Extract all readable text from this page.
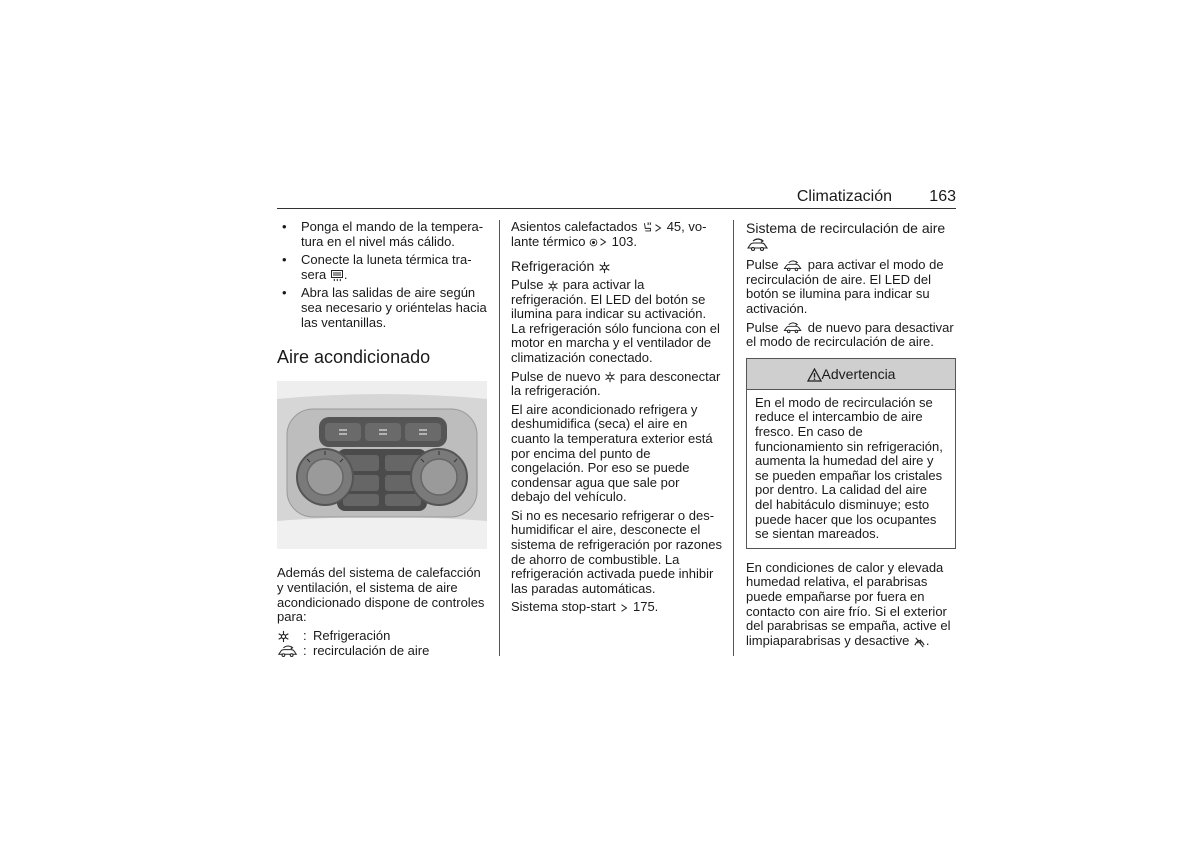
Climatización	163
• Ponga el mando de la temperatura en el nivel más cálido.
• Conecte la luneta térmica trasera .
• Abra las salidas de aire según sea necesario y oriéntelas hacia las ventanillas.
Aire acondicionado

Además del sistema de calefacción y ventilación, el sistema de aire acondicionado dispone de controles para:

: Refrigeración
: recirculación de aire

Asientos calefactados  45, volante térmico  103.

Refrigeración

Pulse  para activar la refrigeración. El LED del botón se ilumina para indicar su activación. La refrigeración sólo funciona con el motor en marcha y el ventilador de climatización conectado.

Pulse de nuevo  para desconectar la refrigeración.

El aire acondicionado refrigera y deshumidifica (seca) el aire en cuanto la temperatura exterior está por encima del punto de congelación. Por eso se puede condensar agua que sale por debajo del vehículo.

Si no es necesario refrigerar o deshumidificar el aire, desconecte el sistema de refrigeración por razones de ahorro de combustible. La refrigeración activada puede inhibir las paradas automáticas.

Sistema stop-start  175.

Sistema de recirculación de aire

Pulse  para activar el modo de recirculación de aire. El LED del botón se ilumina para indicar su activación.

Pulse  de nuevo para desactivar el modo de recirculación de aire.

Advertencia
En el modo de recirculación se reduce el intercambio de aire fresco. En caso de funcionamiento sin refrigeración, aumenta la humedad del aire y se pueden empañar los cristales por dentro. La calidad del aire del habitáculo disminuye; esto puede hacer que los ocupantes se sientan mareados.

En condiciones de calor y elevada humedad relativa, el parabrisas puede empañarse por fuera en contacto con aire frío. Si el exterior del parabrisas se empaña, active el limpiaparabrisas y desactive .
